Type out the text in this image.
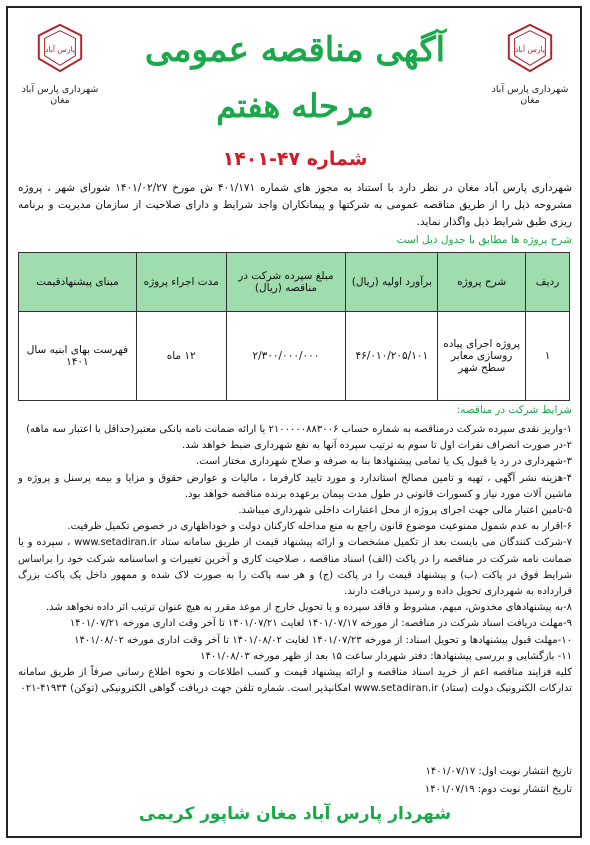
پارس آباد
شهرداری پارس آباد مغان
پارس آباد
شهرداری پارس آباد مغان
آگهی مناقصه عمومی
مرحله هفتم
شماره ۴۷-۱۴۰۱
شهرداری پارس آباد مغان در نظر دارد با استناد به مجوز های شماره ۴۰۱/۱۷۱ ش مورخ ۱۴۰۱/۰۲/۲۷ شورای شهر ، پروژه مشروحه ذیل را از طریق مناقصه عمومی به شرکتها و پیمانکاران واجد شرایط و دارای صلاحیت از سازمان مدیریت و برنامه ریزی طبق شرایط ذیل واگذار نماید.
شرح پروژه ها مطابق با جدول ذیل است
ردیف	شرح پروژه	برآورد اولیه (ریال)	مبلغ سپرده شرکت در مناقصه (ریال)	مدت اجراء پروژه	مبنای پیشنهادقیمت
۱	پروژه اجرای پیاده روسازی معابر سطح شهر	۴۶/۰۱۰/۲۰۵/۱۰۱	۲/۳۰۰/۰۰۰/۰۰۰	۱۲ ماه	فهرست بهای ابنیه سال ۱۴۰۱
شرایط شرکت در مناقصه:

۱-واریز نقدی سپرده شرکت درمناقصه به شماره حساب ۲۱۰۰۰۰۰۸۸۳۰۰۶ یا ارائه ضمانت نامه بانکی معتبر(حداقل با اعتبار سه ماهه)

۲-در صورت انصراف نفرات اول تا سوم به ترتیب سپرده آنها به نفع شهرداری ضبط خواهد شد.

۳-شهرداری در رد یا قبول یک یا تمامی پیشنهادها بنا به صرفه و صلاح شهرداری مختار است.

۴-هزینه نشر آگهی ، تهیه و تامین مصالح استاندارد و مورد تایید کارفرما ، مالیات و عوارض حقوق و مزایا و بیمه پرسنل و پروژه و ماشین آلات مورد نیاز و کسورات قانونی در طول مدت پیمان برعهده برنده مناقصه خواهد بود.

۵-تامین اعتبار مالی جهت اجرای پروژه از محل اعتبارات داخلی شهرداری میباشد.

۶-اقرار به عدم شمول ممنوعیت موضوع قانون راجع به منع مداخله کارکنان دولت و خوداظهاری در خصوص تکمیل ظرفیت.

۷-شرکت کنندگان می بایست بعد از تکمیل مشخصات و ارائه پیشنهاد قیمت از طریق سامانه ستاد www.setadiran.ir ، سپرده و یا ضمانت نامه شرکت در مناقصه را در پاکت (الف) اسناد مناقصه ، صلاحیت کاری و آخرین تغییرات و اساسنامه شرکت خود را براساس شرایط فوق در پاکت (ب) و پیشنهاد قیمت را در پاکت (ج) و هر سه پاکت را به صورت لاک شده و ممهور داخل یک پاکت بزرگ قرارداده به شهرداری تحویل داده و رسید دریافت دارند.

۸-به پیشنهادهای مخدوش، مبهم، مشروط و فاقد سپرده و یا تحویل خارج از موعد مقرر به هیچ عنوان ترتیب اثر داده نخواهد شد.

۹-مهلت دریافت اسناد شرکت در مناقصه: از مورخه ۱۴۰۱/۰۷/۱۷ لغایت ۱۴۰۱/۰۷/۲۱ تا آخر وقت اداری مورخه ۱۴۰۱/۰۷/۲۱

۱۰-مهلت قبول پیشنهادها و تحویل اسناد: از مورخه ۱۴۰۱/۰۷/۲۳ لغایت ۱۴۰۱/۰۸/۰۲ تا آخر وقت اداری مورخه ۱۴۰۱/۰۸/۰۲

۱۱- بازگشایی و بررسی پیشنهادها: دفتر شهردار ساعت ۱۵ بعد از ظهر مورخه ۱۴۰۱/۰۸/۰۳

کلیه فرایند مناقصه اعم از خرید اسناد مناقصه و ارائه پیشنهاد قیمت و کسب اطلاعات و نحوه اطلاع رسانی صرفاً از طریق سامانه تدارکات الکترونیک دولت (ستاد) www.setadiran.ir امکانپذیر است. شماره تلفن جهت دریافت گواهی الکترونیکی (توکن) ۴۱۹۳۴-۰۲۱

تاریخ انتشار نوبت اول: ۱۴۰۱/۰۷/۱۷
تاریخ انتشار نوبت دوم: ۱۴۰۱/۰۷/۱۹
شهردار پارس آباد مغان شاپور کریمی
